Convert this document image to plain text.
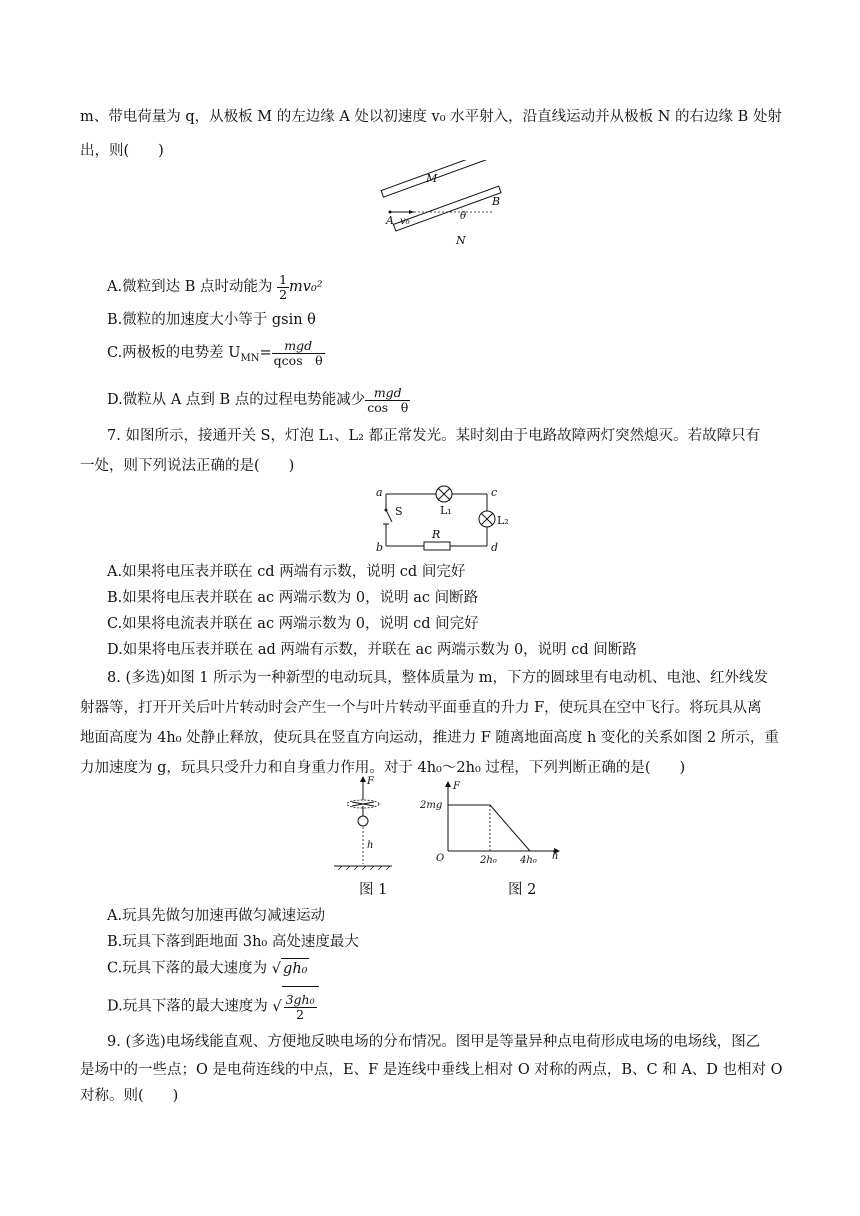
m、带电荷量为 q，从极板 M 的左边缘 A 处以初速度 v₀ 水平射入，沿直线运动并从极板 N 的右边缘 B 处射
出，则(　　)
M
N
A
B
v₀	θ
A.微粒到达 B 点时动能为 $\frac{1}{2} mv_0^2$
B.微粒的加速度大小等于 gsin θ
C.两极板的电势差 $U_{MN}= \frac{\text{mgd}}{\text{qcos　θ}}$
D.微粒从 A 点到 B 点的过程电势能减少 $\frac{\text{mgd}}{\text{cos　θ}}$
7. 如图所示，接通开关 S，灯泡 L₁、L₂ 都正常发光。某时刻由于电路故障两灯突然熄灭。若故障只有
一处，则下列说法正确的是(　　)
a
b
c
d
S	L₁
L₂
R
A.如果将电压表并联在 cd 两端有示数，说明 cd 间完好
B.如果将电压表并联在 ac 两端示数为 0，说明 ac 间断路
C.如果将电流表并联在 ac 两端示数为 0，说明 cd 间完好
D.如果将电压表并联在 ad 两端有示数，并联在 ac 两端示数为 0，说明 cd 间断路
8. (多选)如图 1 所示为一种新型的电动玩具，整体质量为 m，下方的圆球里有电动机、电池、红外线发
射器等，打开开关后叶片转动时会产生一个与叶片转动平面垂直的升力 F，使玩具在空中飞行。将玩具从离
地面高度为 4h₀ 处静止释放，使玩具在竖直方向运动，推进力 F 随离地面高度 h 变化的关系如图 2 所示，重
力加速度为 g，玩具只受升力和自身重力作用。对于 4h₀～2h₀ 过程，下列判断正确的是(　　)
F
h
F
2mg
O	2h₀ 4h₀ h
图 1	图 2
A.玩具先做匀加速再做匀减速运动
B.玩具下落到距地面 3h₀ 高处速度最大
C.玩具下落的最大速度为 √ gh₀
D.玩具下落的最大速度为 √ $\frac{\text{3gh₀}}{2}$
9. (多选)电场线能直观、方便地反映电场的分布情况。图甲是等量异种点电荷形成电场的电场线，图乙
是场中的一些点；O 是电荷连线的中点，E、F 是连线中垂线上相对 O 对称的两点，B、C 和 A、D 也相对 O
对称。则(　　)
